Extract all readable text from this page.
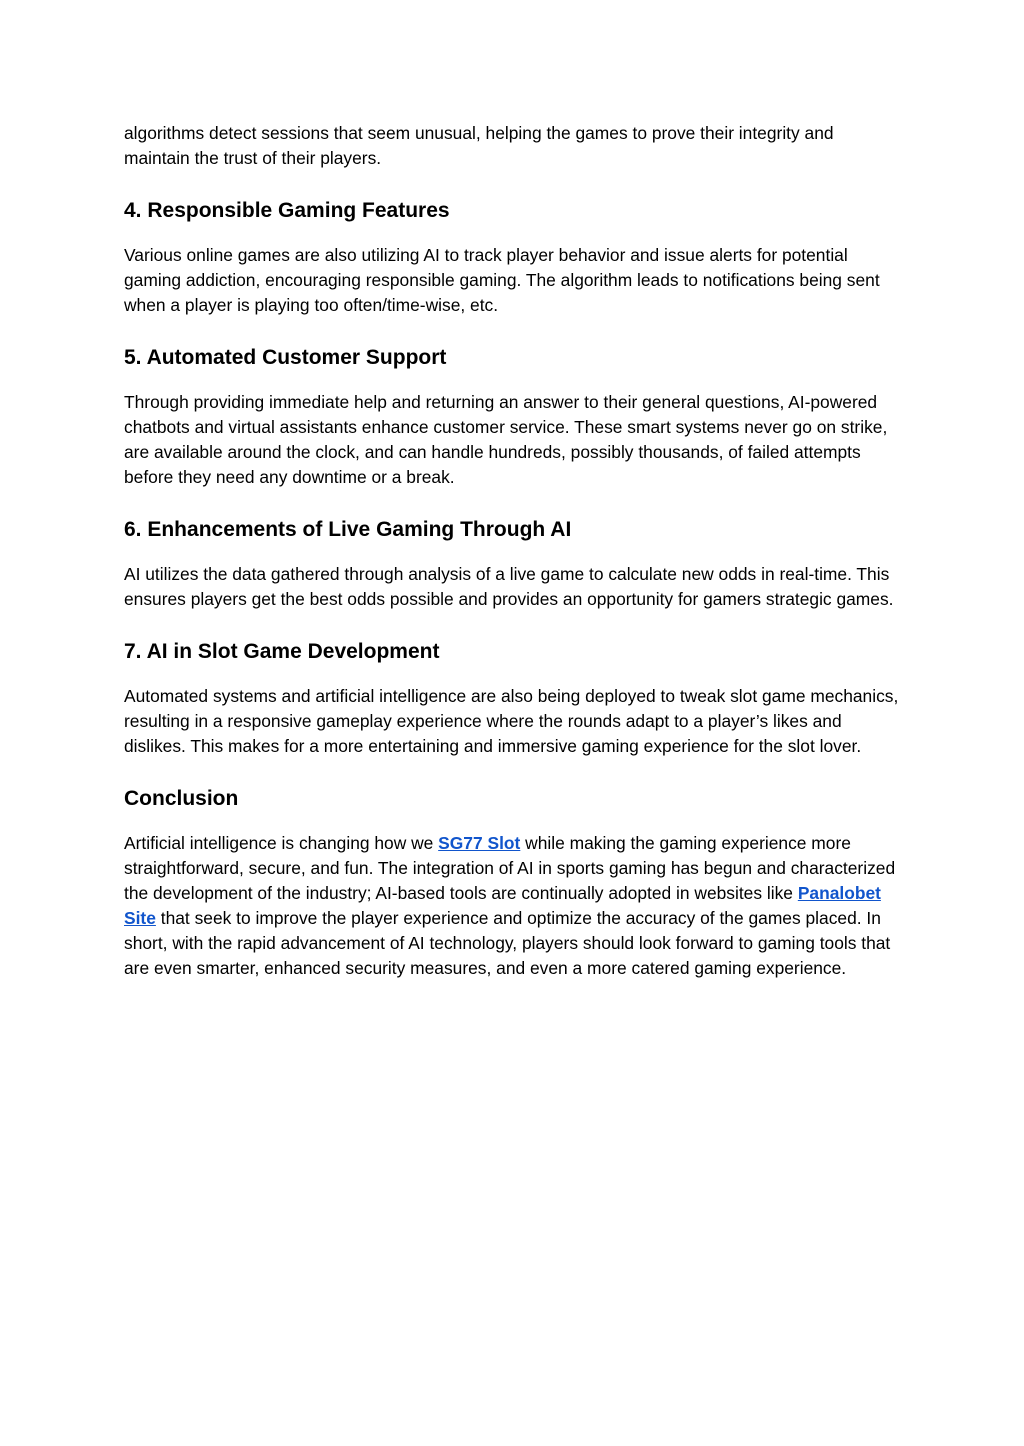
algorithms detect sessions that seem unusual, helping the games to prove their integrity and maintain the trust of their players.

4. Responsible Gaming Features

Various online games are also utilizing AI to track player behavior and issue alerts for potential gaming addiction, encouraging responsible gaming. The algorithm leads to notifications being sent when a player is playing too often/time-wise, etc.

5. Automated Customer Support

Through providing immediate help and returning an answer to their general questions, AI-powered chatbots and virtual assistants enhance customer service. These smart systems never go on strike, are available around the clock, and can handle hundreds, possibly thousands, of failed attempts before they need any downtime or a break.

6. Enhancements of Live Gaming Through AI

AI utilizes the data gathered through analysis of a live game to calculate new odds in real-time. This ensures players get the best odds possible and provides an opportunity for gamers strategic games.

7. AI in Slot Game Development

Automated systems and artificial intelligence are also being deployed to tweak slot game mechanics, resulting in a responsive gameplay experience where the rounds adapt to a player’s likes and dislikes. This makes for a more entertaining and immersive gaming experience for the slot lover.

Conclusion

Artificial intelligence is changing how we SG77 Slot while making the gaming experience more straightforward, secure, and fun. The integration of AI in sports gaming has begun and characterized the development of the industry; AI-based tools are continually adopted in websites like Panalobet Site that seek to improve the player experience and optimize the accuracy of the games placed. In short, with the rapid advancement of AI technology, players should look forward to gaming tools that are even smarter, enhanced security measures, and even a more catered gaming experience.
